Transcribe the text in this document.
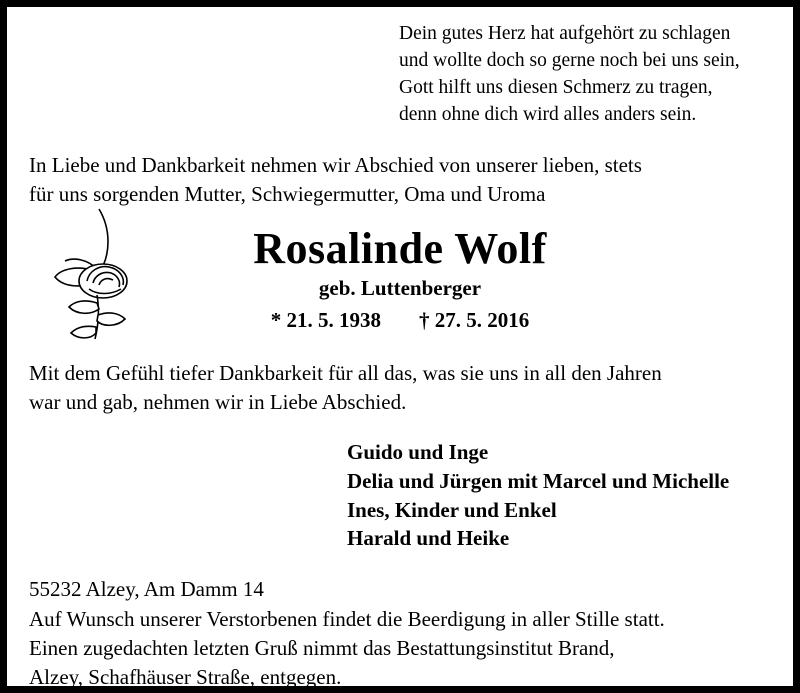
Dein gutes Herz hat aufgehört zu schlagen
und wollte doch so gerne noch bei uns sein,
Gott hilft uns diesen Schmerz zu tragen,
denn ohne dich wird alles anders sein.
In Liebe und Dankbarkeit nehmen wir Abschied von unserer lieben, stets
für uns sorgenden Mutter, Schwiegermutter, Oma und Uroma
Rosalinde Wolf
geb. Luttenberger
* 21. 5. 1938 † 27. 5. 2016
Mit dem Gefühl tiefer Dankbarkeit für all das, was sie uns in all den Jahren
war und gab, nehmen wir in Liebe Abschied.
Guido und Inge
Delia und Jürgen mit Marcel und Michelle
Ines, Kinder und Enkel
Harald und Heike
55232 Alzey, Am Damm 14
Auf Wunsch unserer Verstorbenen findet die Beerdigung in aller Stille statt.
Einen zugedachten letzten Gruß nimmt das Bestattungsinstitut Brand,
Alzey, Schafhäuser Straße, entgegen.
